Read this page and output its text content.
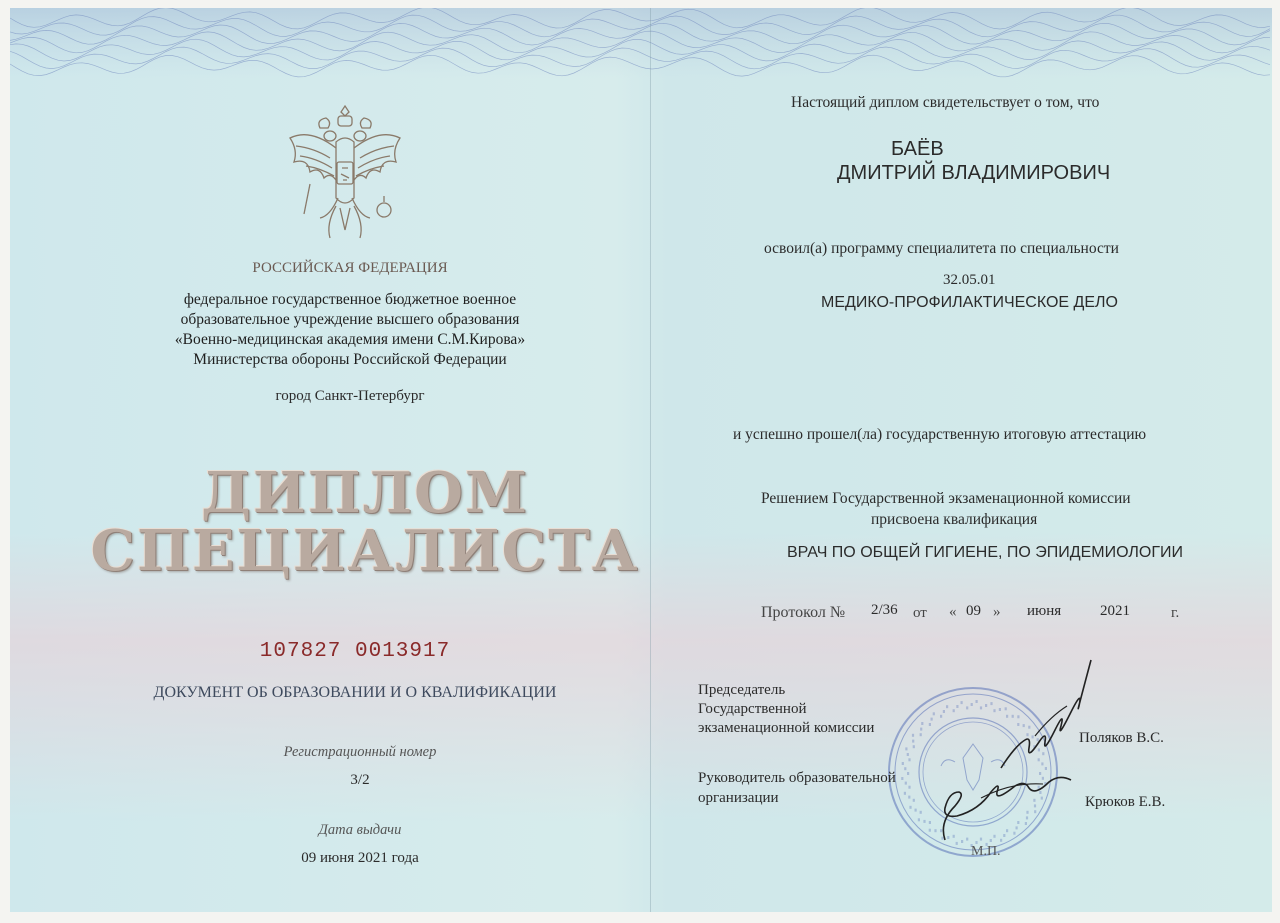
РОССИЙСКАЯ ФЕДЕРАЦИЯ
федеральное государственное бюджетное военное
образовательное учреждение высшего образования
«Военно-медицинская академия имени С.М.Кирова»
Министерства обороны Российской Федерации
город Санкт-Петербург
ДИПЛОМ
СПЕЦИАЛИСТА
107827 0013917
ДОКУМЕНТ ОБ ОБРАЗОВАНИИ И О КВАЛИФИКАЦИИ
Регистрационный номер
3/2
Дата выдачи
09 июня 2021 года
Настоящий диплом свидетельствует о том, что
БАЁВ
ДМИТРИЙ ВЛАДИМИРОВИЧ
освоил(а) программу специалитета по специальности
32.05.01
МЕДИКО-ПРОФИЛАКТИЧЕСКОЕ ДЕЛО
и успешно прошел(ла) государственную итоговую аттестацию
Решением Государственной экзаменационной комиссии
присвоена квалификация
ВРАЧ ПО ОБЩЕЙ ГИГИЕНЕ, ПО ЭПИДЕМИОЛОГИИ
Протокол № 2/36 от « 09 » июня	2021	г.
Председатель
Государственной
экзаменационной комиссии
Поляков В.С.
Руководитель образовательной
организации	Крюков Е.В.
М.П.
